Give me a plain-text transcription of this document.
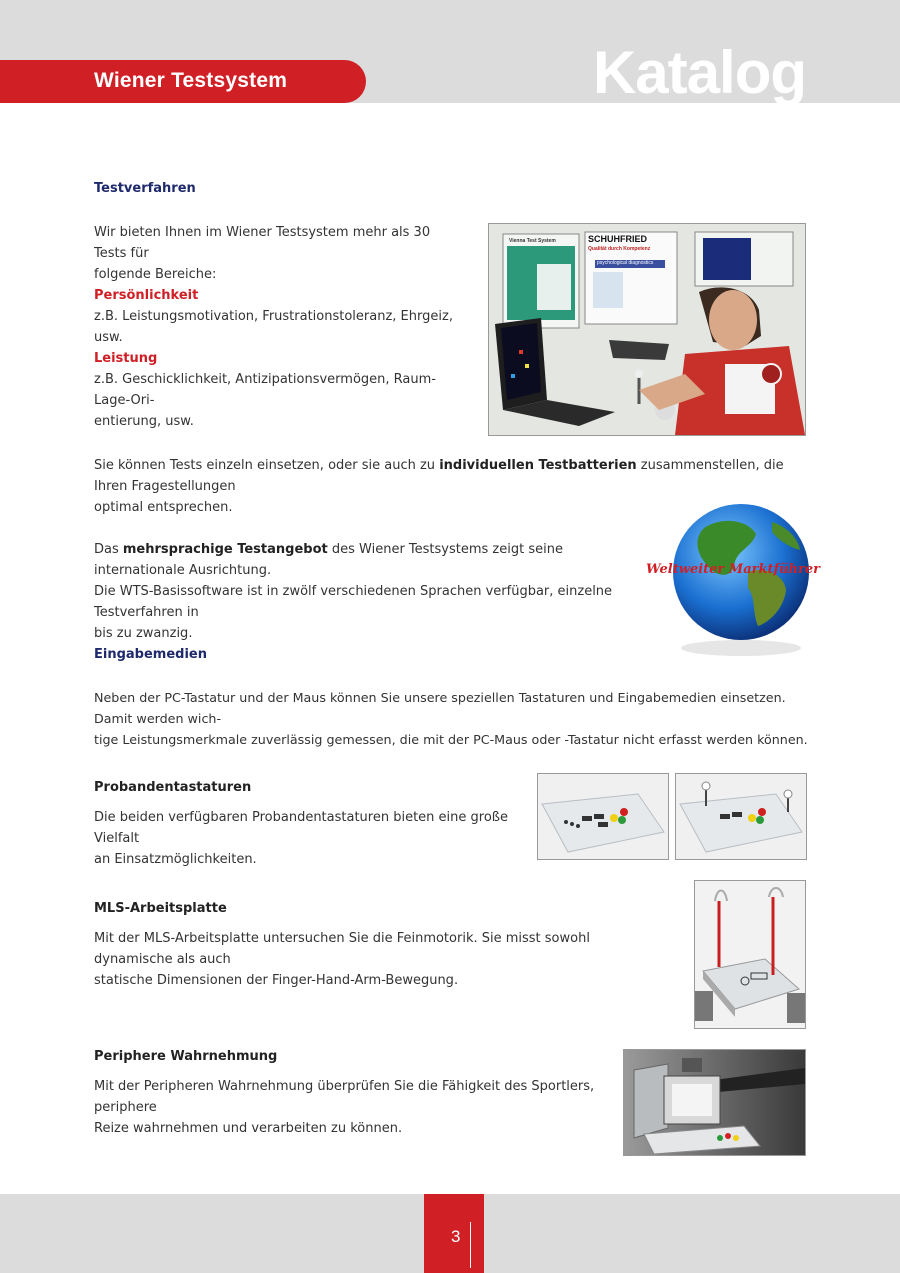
Wiener Testsystem	Katalog
Testverfahren
Wir bieten Ihnen im Wiener Testsystem mehr als 30 Tests für
folgende Bereiche:
Persönlichkeit
z.B. Leistungsmotivation, Frustrationstoleranz, Ehrgeiz, usw.
Leistung
z.B. Geschicklichkeit, Antizipationsvermögen, Raum-Lage-Ori-
entierung, usw.
Vienna Test System	SCHUHFRIED
Qualität durch Kompetenz
psychological diagnostics
Sie können Tests einzeln einsetzen, oder sie auch zu individuellen Testbatterien zusammenstellen, die Ihren Fragestellungen
optimal entsprechen.
Das mehrsprachige Testangebot des Wiener Testsystems zeigt seine internationale Ausrichtung.
Die WTS-Basissoftware ist in zwölf verschiedenen Sprachen verfügbar, einzelne Testverfahren in
bis zu zwanzig.
Weltweiter Marktführer
Eingabemedien
Neben der PC-Tastatur und der Maus können Sie unsere speziellen Tastaturen und Eingabemedien einsetzen. Damit werden wich-
tige Leistungsmerkmale zuverlässig gemessen, die mit der PC-Maus oder -Tastatur nicht erfasst werden können.
Probandentastaturen
Die beiden verfügbaren Probandentastaturen bieten eine große Vielfalt
an Einsatzmöglichkeiten.
MLS-Arbeitsplatte
Mit der MLS-Arbeitsplatte untersuchen Sie die Feinmotorik. Sie misst sowohl dynamische als auch
statische Dimensionen der Finger-Hand-Arm-Bewegung.
Periphere Wahrnehmung
Mit der Peripheren Wahrnehmung überprüfen Sie die Fähigkeit des Sportlers, periphere
Reize wahrnehmen und verarbeiten zu können.
3
